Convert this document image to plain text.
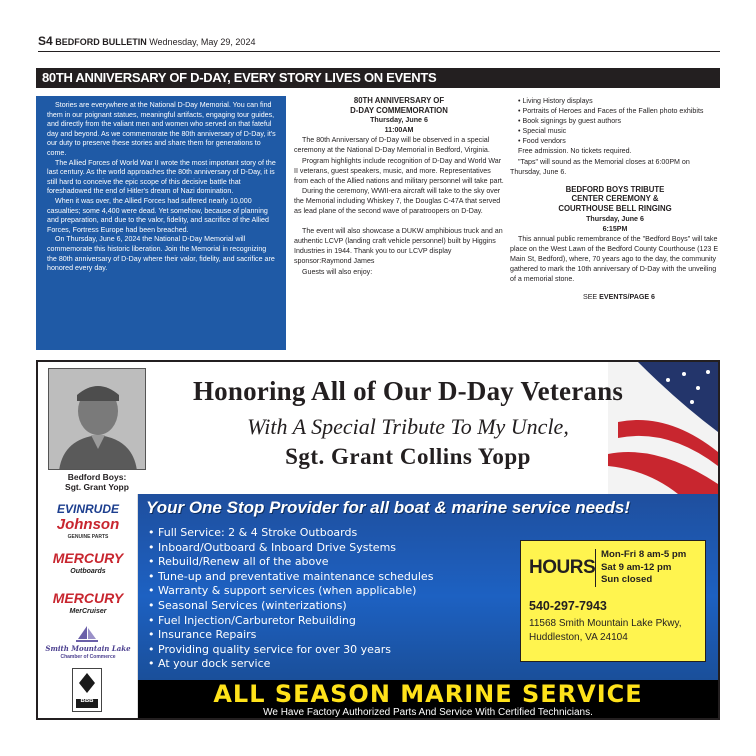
S4 BEDFORD BULLETIN Wednesday, May 29, 2024
80TH ANNIVERSARY OF D-DAY, EVERY STORY LIVES ON EVENTS

Stories are everywhere at the National D-Day Memorial. You can find them in our poignant statues, meaningful artifacts, engaging tour guides, and directly from the valiant men and women who served on that fateful day and beyond. As we commemorate the 80th anniversary of D-Day, it's our duty to preserve these stories and share them for generations to come.

The Allied Forces of World War II wrote the most important story of the last century. As the world approaches the 80th anniversary of D-Day, it is still hard to conceive the epic scope of this decisive battle that foreshadowed the end of Hitler's dream of Nazi domination.

When it was over, the Allied Forces had suffered nearly 10,000 casualties; some 4,400 were dead. Yet somehow, because of planning and preparation, and due to the valor, fidelity, and sacrifice of the Allied Forces, Fortress Europe had been breached.

On Thursday, June 6, 2024 the National D-Day Memorial will commemorate this historic liberation. Join the Memorial in recognizing the 80th anniversary of D-Day where their valor, fidelity, and sacrifice are honored every day.

80TH ANNIVERSARY OF

D-DAY COMMEMORATION

Thursday, June 6

11:00AM

The 80th Anniversary of D-Day will be observed in a special ceremony at the National D-Day Memorial in Bedford, Virginia.

Program highlights include recognition of D-Day and World War II veterans, guest speakers, music, and more. Representatives from each of the Allied nations and military personnel will take part.

During the ceremony, WWII-era aircraft will take to the sky over the Memorial including Whiskey 7, the Douglas C-47A that served as lead plane of the second wave of paratroopers on D-Day.

The event will also showcase a DUKW amphibious truck and an authentic LCVP (landing craft vehicle personnel) built by Higgins Industries in 1944. Thank you to our LCVP display sponsor:Raymond James

Guests will also enjoy:

• Living History displays

• Portraits of Heroes and Faces of the Fallen photo exhibits

• Book signings by guest authors

• Special music

• Food vendors

Free admission. No tickets required.

"Taps" will sound as the Memorial closes at 6:00PM on Thursday, June 6.

BEDFORD BOYS TRIBUTE

CENTER CEREMONY &

COURTHOUSE BELL RINGING

Thursday, June 6

6:15PM

This annual public remembrance of the "Bedford Boys" will take place on the West Lawn of the Bedford County Courthouse (123 E Main St, Bedford), where, 70 years ago to the day, the community gathered to mark the 10th anniversary of D-Day with the unveiling of a memorial stone.

SEE EVENTS/PAGE 6

Bedford Boys:
Sgt. Grant Yopp
Honoring All of Our D-Day Veterans
With A Special Tribute To My Uncle,
Sgt. Grant Collins Yopp
EVINRUDE
Johnson
GENUINE PARTS
MERCURY
Outboards
MERCURY
MerCruiser
Smith Mountain Lake
Chamber of Commerce
BBB
Your One Stop Provider for all boat & marine service needs!
• Full Service: 2 & 4 Stroke Outboards
• Inboard/Outboard & Inboard Drive Systems
• Rebuild/Renew all of the above
• Tune-up and preventative maintenance schedules
• Warranty & support services (when applicable)
• Seasonal Services (winterizations)
• Fuel Injection/Carburetor Rebuilding
• Insurance Repairs
• Providing quality service for over 30 years
• At your dock service
HOURS
Mon-Fri 8 am-5 pm
Sat 9 am-12 pm
Sun closed
540-297-7943
11568 Smith Mountain Lake Pkwy,
Huddleston, VA 24104
ALL SEASON MARINE SERVICE
We Have Factory Authorized Parts And Service With Certified Technicians.
